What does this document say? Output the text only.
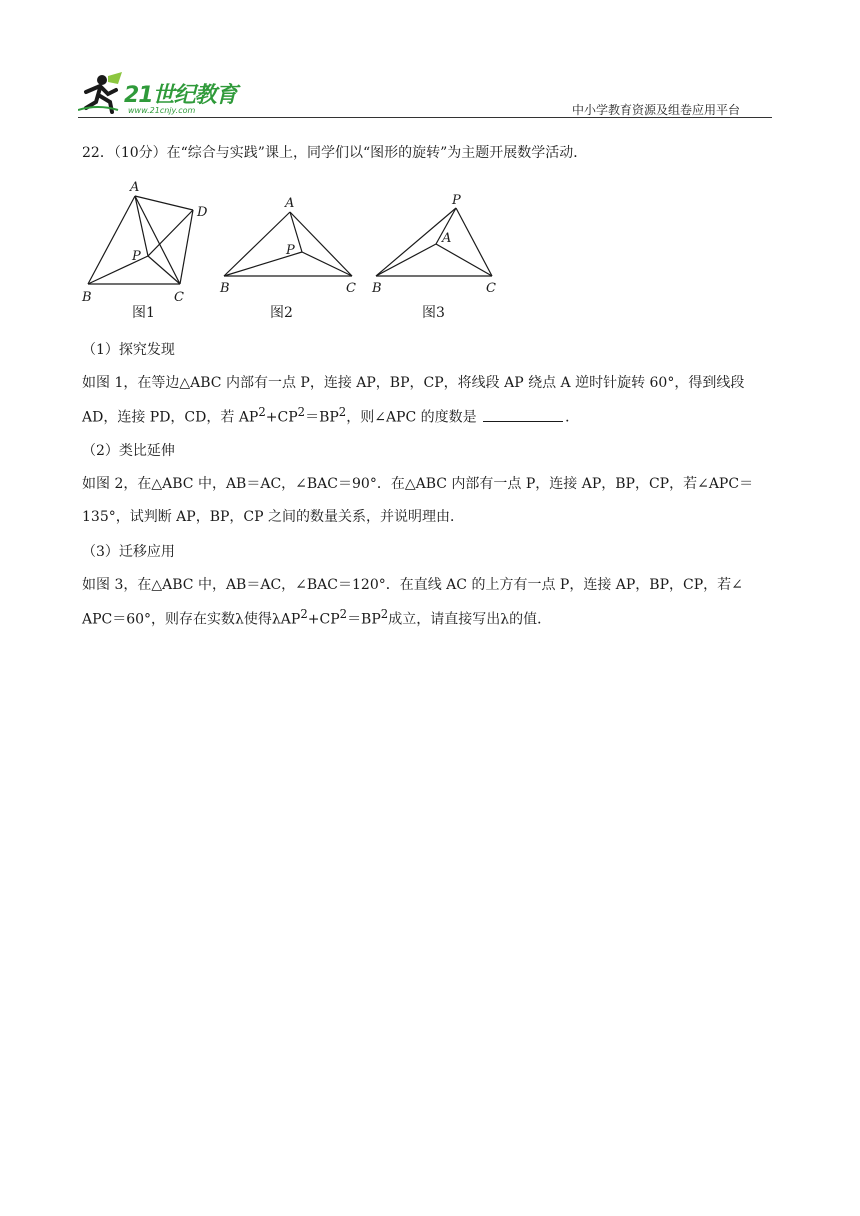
21世纪教育
www.21cnjy.com	中小学教育资源及组卷应用平台
22．（10分）在“综合与实践”课上，同学们以“图形的旋转”为主题开展数学活动．
A
B	C
D
P
A
B	C
P
P
A
B	C
图1	图2	图3
（1）探究发现
如图 1，在等边△ABC 内部有一点 P，连接 AP，BP，CP，将线段 AP 绕点 A 逆时针旋转 60°，得到线段
AD，连接 PD，CD，若 $AP^2+CP^2=BP^2$，则∠APC 的度数是	．
（2）类比延伸
如图 2，在△ABC 中，AB＝AC，∠BAC＝90°．在△ABC 内部有一点 P，连接 AP，BP，CP，若∠APC＝
135°，试判断 AP，BP，CP 之间的数量关系，并说明理由．
（3）迁移应用
如图 3，在△ABC 中，AB＝AC，∠BAC＝120°．在直线 AC 的上方有一点 P，连接 AP，BP，CP，若∠
APC＝60°，则存在实数λ使得$\lambda AP^2+CP^2=BP^2$成立，请直接写出λ的值．
